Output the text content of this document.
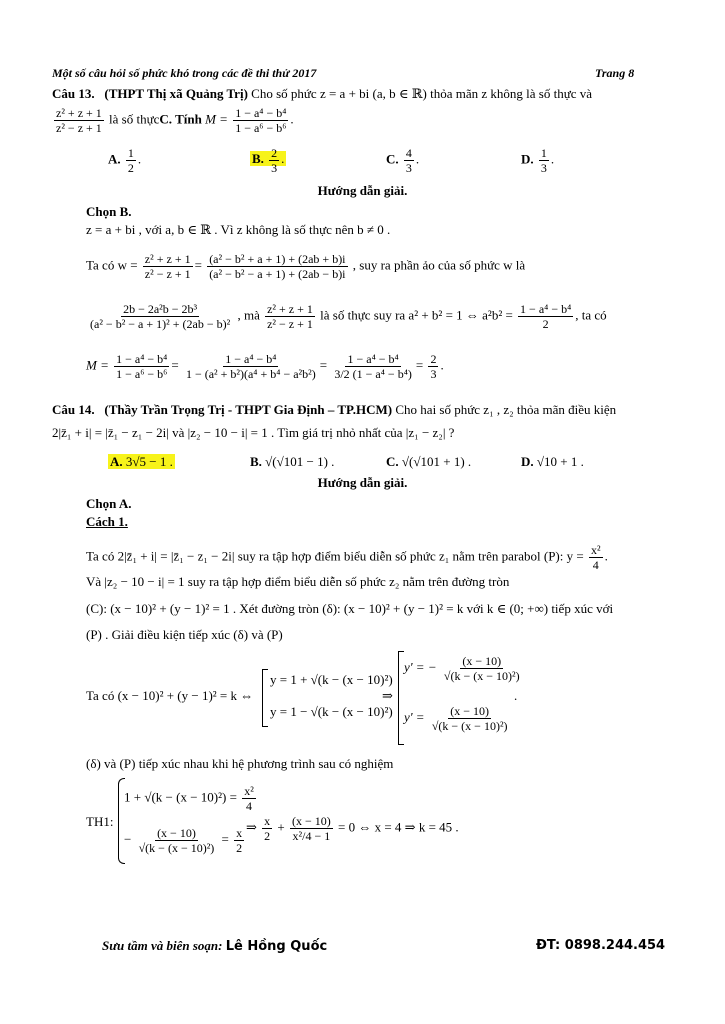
Một số câu hỏi số phức khó trong các đề thi thử 2017	Trang 8
Câu 13. (THPT Thị xã Quảng Trị) Cho số phức z = a + bi (a, b ∈ ℝ) thỏa mãn z không là số thực và
$\frac{\text{z² + z + 1}}{\text{z² − z + 1}}$ là số thựcC. Tính $M = \frac{\text{1 − a⁴ − b⁴}}{\text{1 − a⁶ − b⁶}}$ .
A. $\frac{1}{2}$ .	B. $\frac{2}{3}$ .	C. $\frac{4}{3}$ .	D. $\frac{1}{3}$ .
Hướng dẫn giải.
Chọn B.
z = a + bi , với a, b ∈ ℝ . Vì z không là số thực nên b ≠ 0 .
Ta có $w = \frac{\text{z² + z + 1}}{\text{z² − z + 1}} = \frac{\text{(a² − b² + a + 1) + (2ab + b)i}}{\text{(a² − b² − a + 1) + (2ab − b)i}}$ , suy ra phần ảo của số phức w là
$\frac{\text{2b − 2a²b − 2b³}}{\text{(a² − b² − a + 1)² + (2ab − b)²}}$ , mà $\frac{\text{z² + z + 1}}{\text{z² − z + 1}}$ là số thực suy ra a² + b² = 1 ⇔ $a^2b^2 = \frac{\text{1 − a⁴ − b⁴}}{2}$ , ta có
$M = \frac{\text{1 − a⁴ − b⁴}}{\text{1 − a⁶ − b⁶}} = \frac{\text{1 − a⁴ − b⁴}}{\text{1 − (a² + b²)(a⁴ + b⁴ − a²b²)}} = \frac{\text{1 − a⁴ − b⁴}}{\text{3/2 (1 − a⁴ − b⁴)}} = \frac{2}{3}$ .
Câu 14. (Thầy Trần Trọng Trị - THPT Gia Định – TP.HCM) Cho hai số phức z₁ , z₂ thỏa mãn điều kiện
2|z̄₁ + i| = |z̄₁ − z₁ − 2i| và |z₂ − 10 − i| = 1 . Tìm giá trị nhỏ nhất của |z₁ − z₂| ?
A. 3√5 − 1 .	B. √(√101 − 1) .	C. √(√101 + 1) .	D. √10 + 1 .
Hướng dẫn giải.
Chọn A.
Cách 1.
Ta có 2|z̄₁ + i| = |z̄₁ − z₁ − 2i| suy ra tập hợp điểm biểu diễn số phức z₁ nằm trên parabol (P): $y = \frac{\text{x²}}{4}$ .
Và |z₂ − 10 − i| = 1 suy ra tập hợp điểm biểu diễn số phức z₂ nằm trên đường tròn
(C): (x − 10)² + (y − 1)² = 1 . Xét đường tròn (δ): (x − 10)² + (y − 1)² = k với k ∈ (0; +∞) tiếp xúc với
(P) . Giải điều kiện tiếp xúc (δ) và (P)
Ta có (x − 10)² + (y − 1)² = k ⇔
y = 1 + √(k − (x − 10)²)
y = 1 − √(k − (x − 10)²)
⇒
y' = − $\frac{(x - 10)}{\text{√(k − (x − 10)²)}}$
$y' = \frac{(x - 10)}{\text{√(k − (x − 10)²)}}$
.
(δ) và (P) tiếp xúc nhau khi hệ phương trình sau có nghiệm
TH1:
$1 + √(k - (x - 10)^2) = \frac{\text{x²}}{4}$
− $\frac{(x - 10)}{\text{√(k − (x − 10)²)}} = \frac{x}{2}$ ⇒ $\frac{x}{2} + \frac{(x - 10)}{\text{x²/4 − 1}} = 0$ ⇔ x = 4 ⇒ k = 45 .
Sưu tầm và biên soạn: Lê Hồng Quốc	ĐT: 0898.244.454
